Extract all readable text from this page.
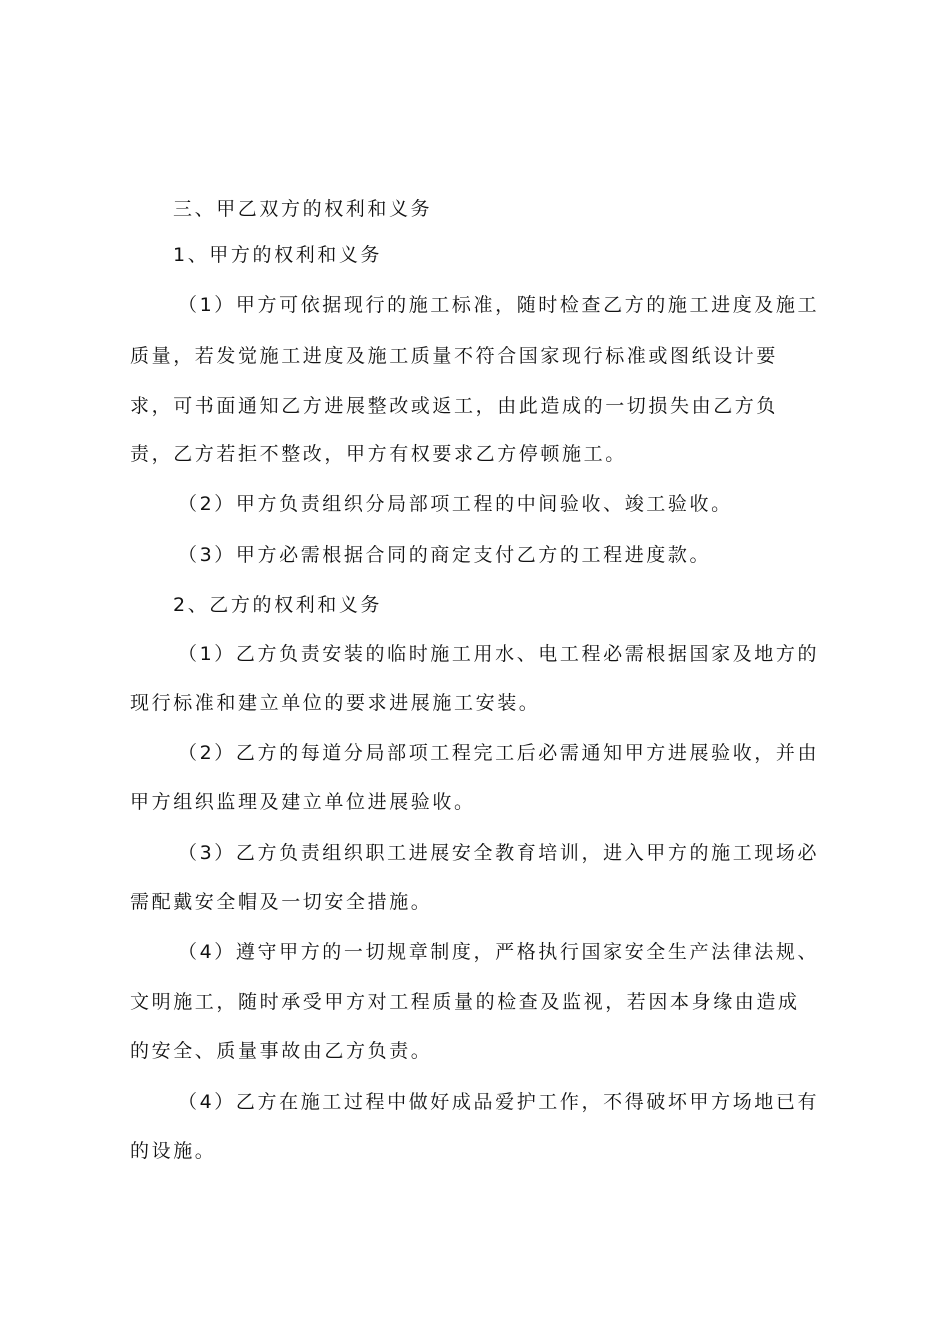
三、甲乙双方的权利和义务
1、甲方的权利和义务
（1）甲方可依据现行的施工标准，随时检查乙方的施工进度及施工
质量，若发觉施工进度及施工质量不符合国家现行标准或图纸设计要
求，可书面通知乙方进展整改或返工，由此造成的一切损失由乙方负
责，乙方若拒不整改，甲方有权要求乙方停顿施工。
（2）甲方负责组织分局部项工程的中间验收、竣工验收。
（3）甲方必需根据合同的商定支付乙方的工程进度款。
2、乙方的权利和义务
（1）乙方负责安装的临时施工用水、电工程必需根据国家及地方的
现行标准和建立单位的要求进展施工安装。
（2）乙方的每道分局部项工程完工后必需通知甲方进展验收，并由
甲方组织监理及建立单位进展验收。
（3）乙方负责组织职工进展安全教育培训，进入甲方的施工现场必
需配戴安全帽及一切安全措施。
（4）遵守甲方的一切规章制度，严格执行国家安全生产法律法规、
文明施工，随时承受甲方对工程质量的检查及监视，若因本身缘由造成
的安全、质量事故由乙方负责。
（4）乙方在施工过程中做好成品爱护工作，不得破坏甲方场地已有
的设施。
